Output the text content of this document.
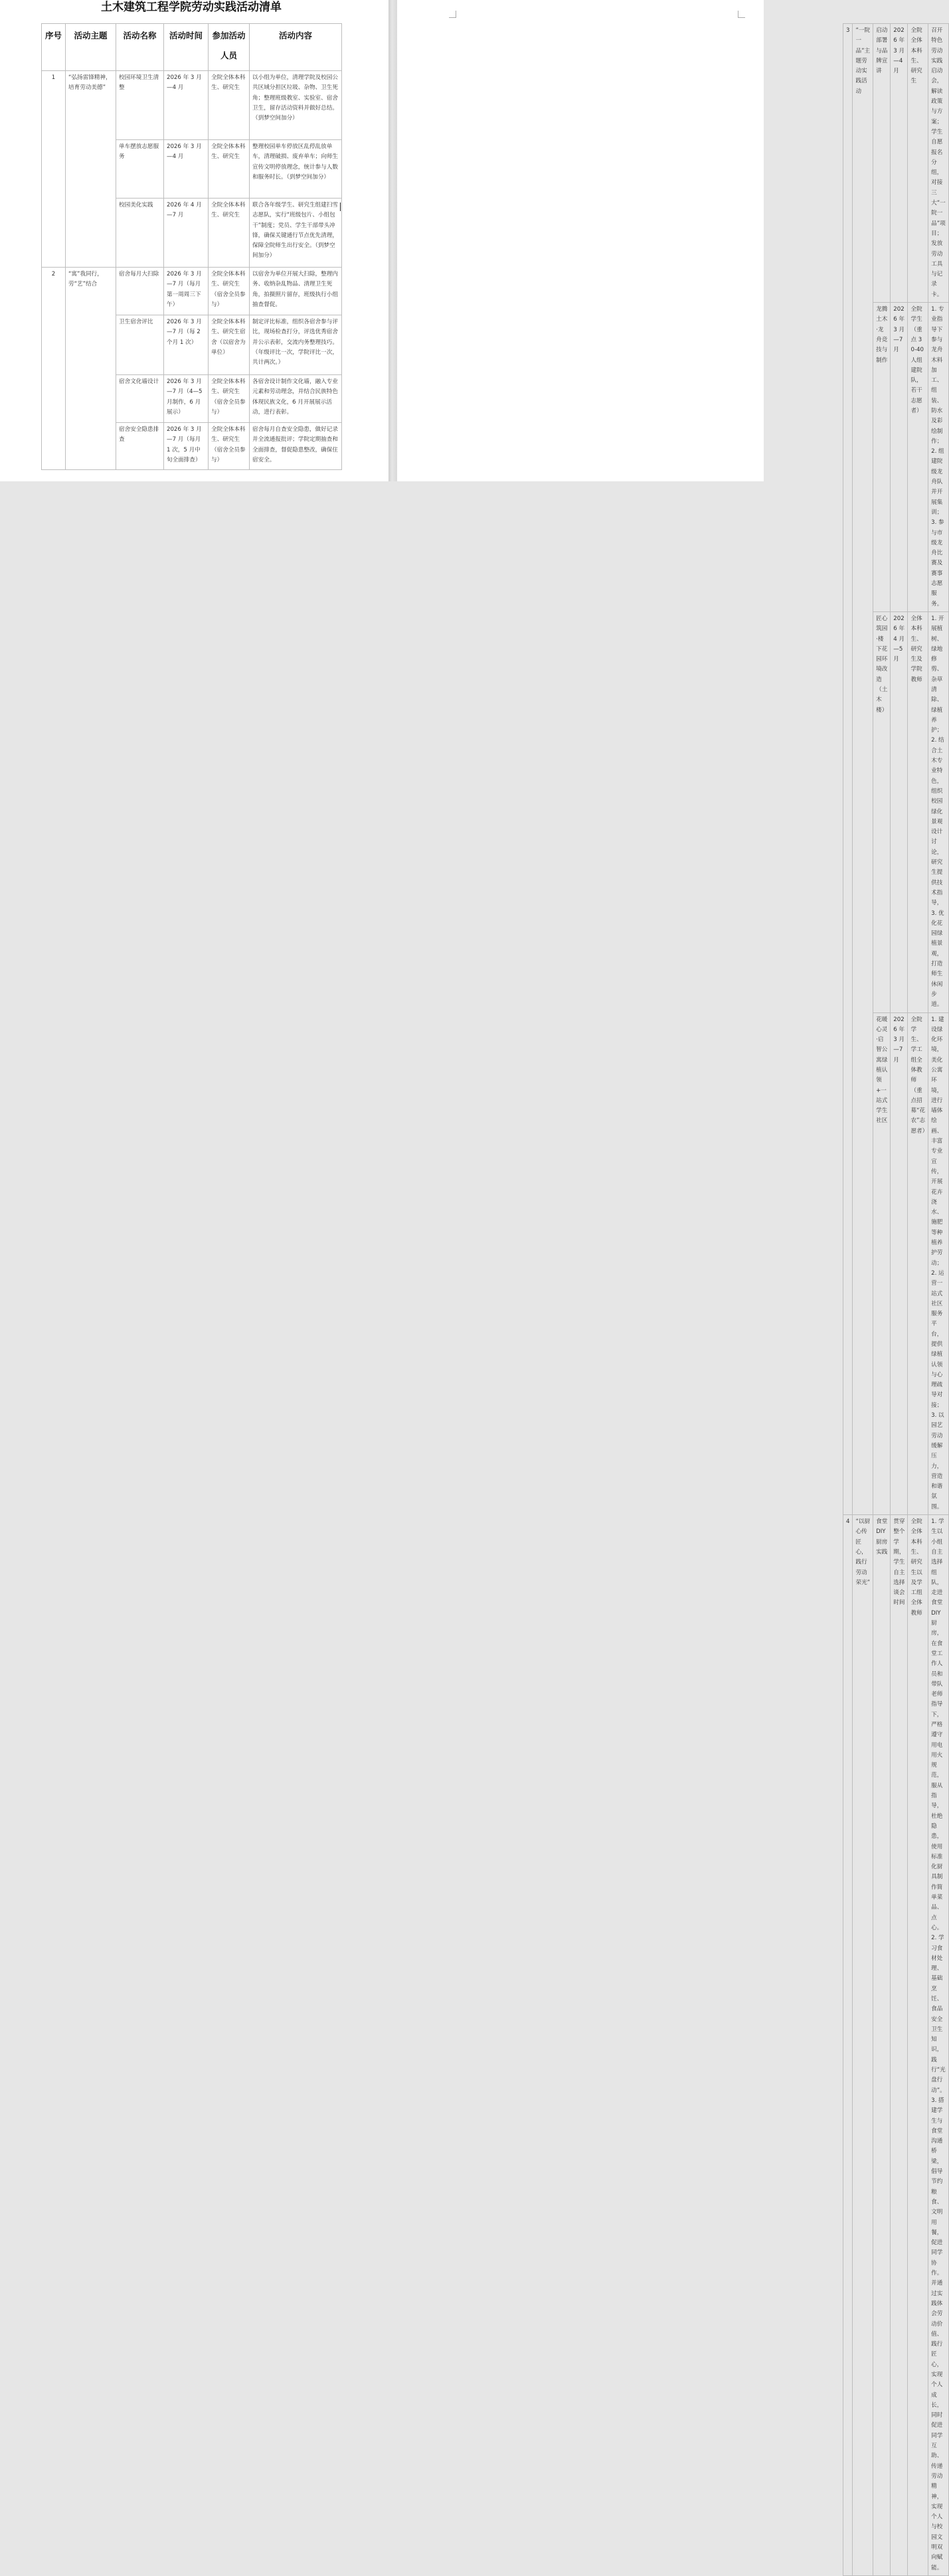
土木建筑工程学院劳动实践活动清单
序号	活动主题	活动名称	活动时间	参加活动人员	活动内容
1	“弘扬雷锋精神，培育劳动美德”	校园环境卫生清整	2026 年 3 月—4 月	全院全体本科生、研究生	以小组为单位，清理学院及校园公共区域分担区垃圾、杂物、卫生死角；整理班级教室、实验室、宿舍卫生，留存活动资料并做好总结。（到梦空间加分）
		单车摆放志愿服务	2026 年 3 月—4 月	全院全体本科生、研究生	整理校园单车停放区乱停乱放单车，清理破损、废弃单车；向师生宣传文明停放理念，统计参与人数和服务时长。（到梦空间加分）
		校园美化实践	2026 年 4 月—7 月	全院全体本科生、研究生	联合各年级学生、研究生组建扫雪志愿队，实行“班级包片、小组包干”制度；党员、学生干部带头冲锋，确保关键通行节点优先清理，保障全院师生出行安全。（到梦空间加分）
2	“寓”我同行，劳“艺”结合	宿舍每月大扫除	2026 年 3 月—7 月（每月第一周周三下午）	全院全体本科生、研究生（宿舍全员参与）	以宿舍为单位开展大扫除，整理内务、收纳杂乱物品、清理卫生死角，拍摄照片留存，班级执行小组抽查督促。
		卫生宿舍评比	2026 年 3 月—7 月（每 2 个月 1 次）	全院全体本科生、研究生宿舍（以宿舍为单位）	制定评比标准，组织各宿舍参与评比，现场检查打分，评选优秀宿舍并公示表彰，交流内务整理技巧。（年级评比一次，学院评比一次，共计两次。）
		宿舍文化墙设计	2026 年 3 月—7 月（4—5 月制作，6 月展示）	全院全体本科生、研究生（宿舍全员参与）	各宿舍设计制作文化墙，融入专业元素和劳动理念，并结合民族特色体现民族文化，6 月开展展示活动，进行表彰。
		宿舍安全隐患排查	2026 年 3 月—7 月（每月 1 次，5 月中旬全面排查）	全院全体本科生、研究生（宿舍全员参与）	宿舍每月自查安全隐患，做好记录并全流通报批评；学院定期抽查和全面排查，督促隐患整改，确保住宿安全。
3	“一院一品”主题劳动实践活动	启动部署与品牌宣讲	2026 年 3 月—4 月	全院全体本科生、研究生	召开特色劳动实践启动会，解读政策与方案；学生自愿报名分组，对接三大“一院一品”项目；发放劳动工具与记录卡。
		龙腾土木·龙舟竞技与制作	2026 年 3 月—7 月	全院学生（重点 30-40 人组建院队，若干志愿者）	1. 专业指导下参与龙舟木料加工、组装、防水及彩绘制作；2. 组建院级龙舟队并开展集训；3. 参与市级龙舟比赛及赛事志愿服务。
		匠心筑园·楼下花园环境改造（土木楼）	2026 年 4 月—5 月	全体本科生、研究生及学院教师	1. 开展植树、绿地修剪、杂草清除、绿植养护；2. 结合土木专业特色，组织校园绿化景观设计讨论，研究生提供技术指导，3. 优化花园绿植景观，打造师生休闲步道。
		花暖心灵·启智公寓绿植认领+一站式学生社区	2026 年 3 月—7 月	全院学生、学工组全体教师（重点招募“花农”志愿者）	1. 建设绿化环境，美化公寓环境，进行墙体绘画、丰富专业宣传，开展花卉浇水、施肥等种植养护劳动；2. 运营一站式社区服务平台，提供绿植认领与心理疏导对接；3. 以园艺劳动缓解压力，营造和谐氛围。
4	“以厨心传匠心，践行劳动荣光”	食堂 DIY 厨房实践	贯穿整个学期，学生自主选择谈会时间	全院全体本科生、研究生以及学工组全体教师	1. 学生以小组自主选择组队，走进食堂 DIY 厨房，在食堂工作人员和带队老师指导下，严格遵守用电用火规范，服从指导，杜绝隐患，使用标准化厨具制作简单菜品、点心。2. 学习食材处理、基础烹饪、食品安全卫生知识，践行“光盘行动”。3. 搭建学生与食堂沟通桥梁，倡导节约粮食、文明用餐，促进同学协作。并通过实践体会劳动价值、践行匠心，实现个人成长，同时促进同学互助、传递劳动精神，实现个人与校园文明双向赋能。
